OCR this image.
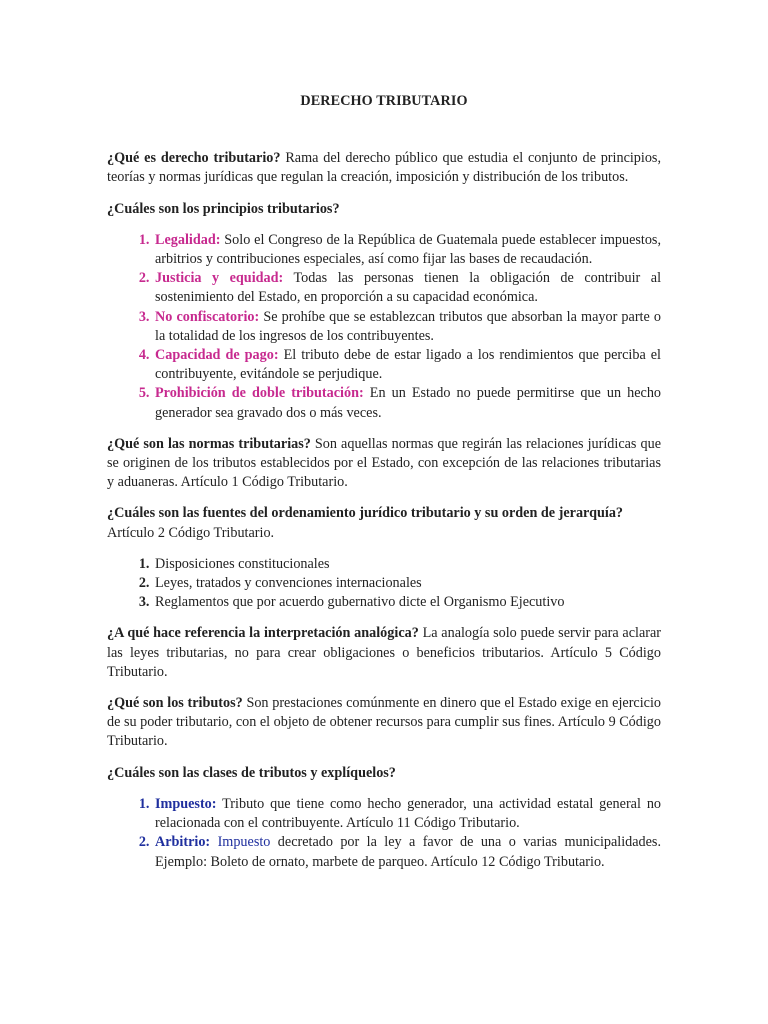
DERECHO TRIBUTARIO

¿Qué es derecho tributario? Rama del derecho público que estudia el conjunto de principios, teorías y normas jurídicas que regulan la creación, imposición y distribución de los tributos.

¿Cuáles son los principios tributarios?

1. Legalidad: Solo el Congreso de la República de Guatemala puede establecer impuestos, arbitrios y contribuciones especiales, así como fijar las bases de recaudación.
2. Justicia y equidad: Todas las personas tienen la obligación de contribuir al sostenimiento del Estado, en proporción a su capacidad económica.
3. No confiscatorio: Se prohíbe que se establezcan tributos que absorban la mayor parte o la totalidad de los ingresos de los contribuyentes.
4. Capacidad de pago: El tributo debe de estar ligado a los rendimientos que perciba el contribuyente, evitándole se perjudique.
5. Prohibición de doble tributación: En un Estado no puede permitirse que un hecho generador sea gravado dos o más veces.

¿Qué son las normas tributarias? Son aquellas normas que regirán las relaciones jurídicas que se originen de los tributos establecidos por el Estado, con excepción de las relaciones tributarias y aduaneras. Artículo 1 Código Tributario.

¿Cuáles son las fuentes del ordenamiento jurídico tributario y su orden de jerarquía? Artículo 2 Código Tributario.

1. Disposiciones constitucionales
2. Leyes, tratados y convenciones internacionales
3. Reglamentos que por acuerdo gubernativo dicte el Organismo Ejecutivo

¿A qué hace referencia la interpretación analógica? La analogía solo puede servir para aclarar las leyes tributarias, no para crear obligaciones o beneficios tributarios. Artículo 5 Código Tributario.

¿Qué son los tributos? Son prestaciones comúnmente en dinero que el Estado exige en ejercicio de su poder tributario, con el objeto de obtener recursos para cumplir sus fines. Artículo 9 Código Tributario.

¿Cuáles son las clases de tributos y explíquelos?

1. Impuesto: Tributo que tiene como hecho generador, una actividad estatal general no relacionada con el contribuyente. Artículo 11 Código Tributario.
2. Arbitrio: Impuesto decretado por la ley a favor de una o varias municipalidades. Ejemplo: Boleto de ornato, marbete de parqueo. Artículo 12 Código Tributario.
